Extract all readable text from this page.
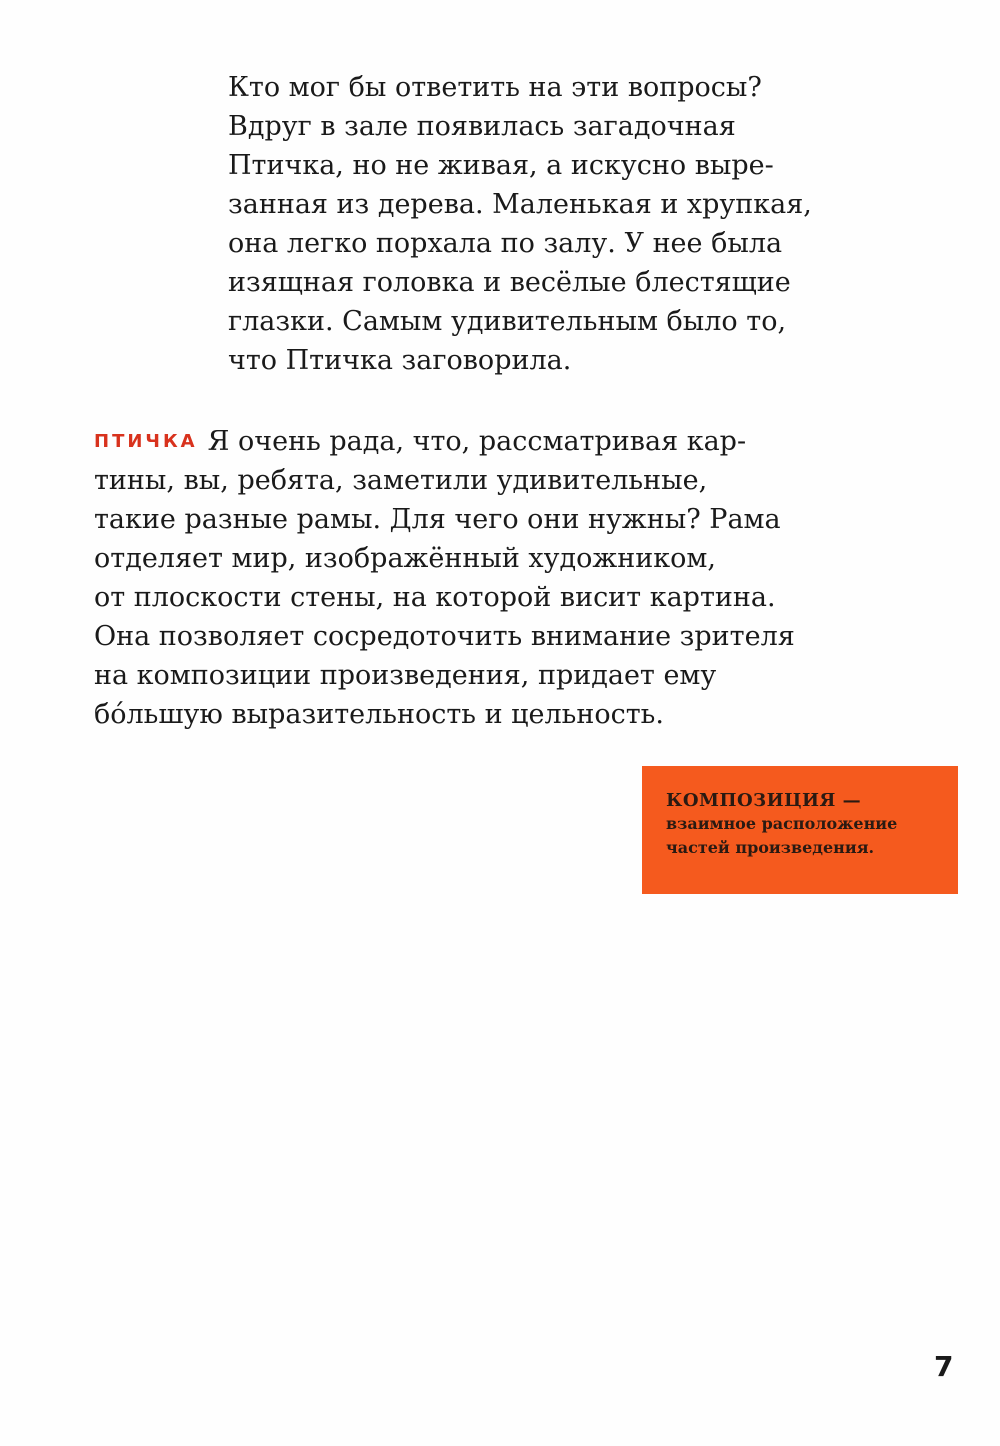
Кто мог бы ответить на эти вопросы?
Вдруг в зале появилась загадочная
Птичка, но не живая, а искусно выре-
занная из дерева. Маленькая и хрупкая,
она легко порхала по залу. У нее была
изящная головка и весёлые блестящие
глазки. Самым удивительным было то,
что Птичка заговорила.

ПТИЧКА Я очень рада, что, рассматривая кар-
тины, вы, ребята, заметили удивительные,
такие разные рамы. Для чего они нужны? Рама
отделяет мир, изображённый художником,
от плоскости стены, на которой висит картина.
Она позволяет сосредоточить внимание зрителя
на композиции произведения, придает ему
бóльшую выразительность и цельность.

КОМПОЗИЦИЯ —
взаимное расположение
частей произведения.
7
